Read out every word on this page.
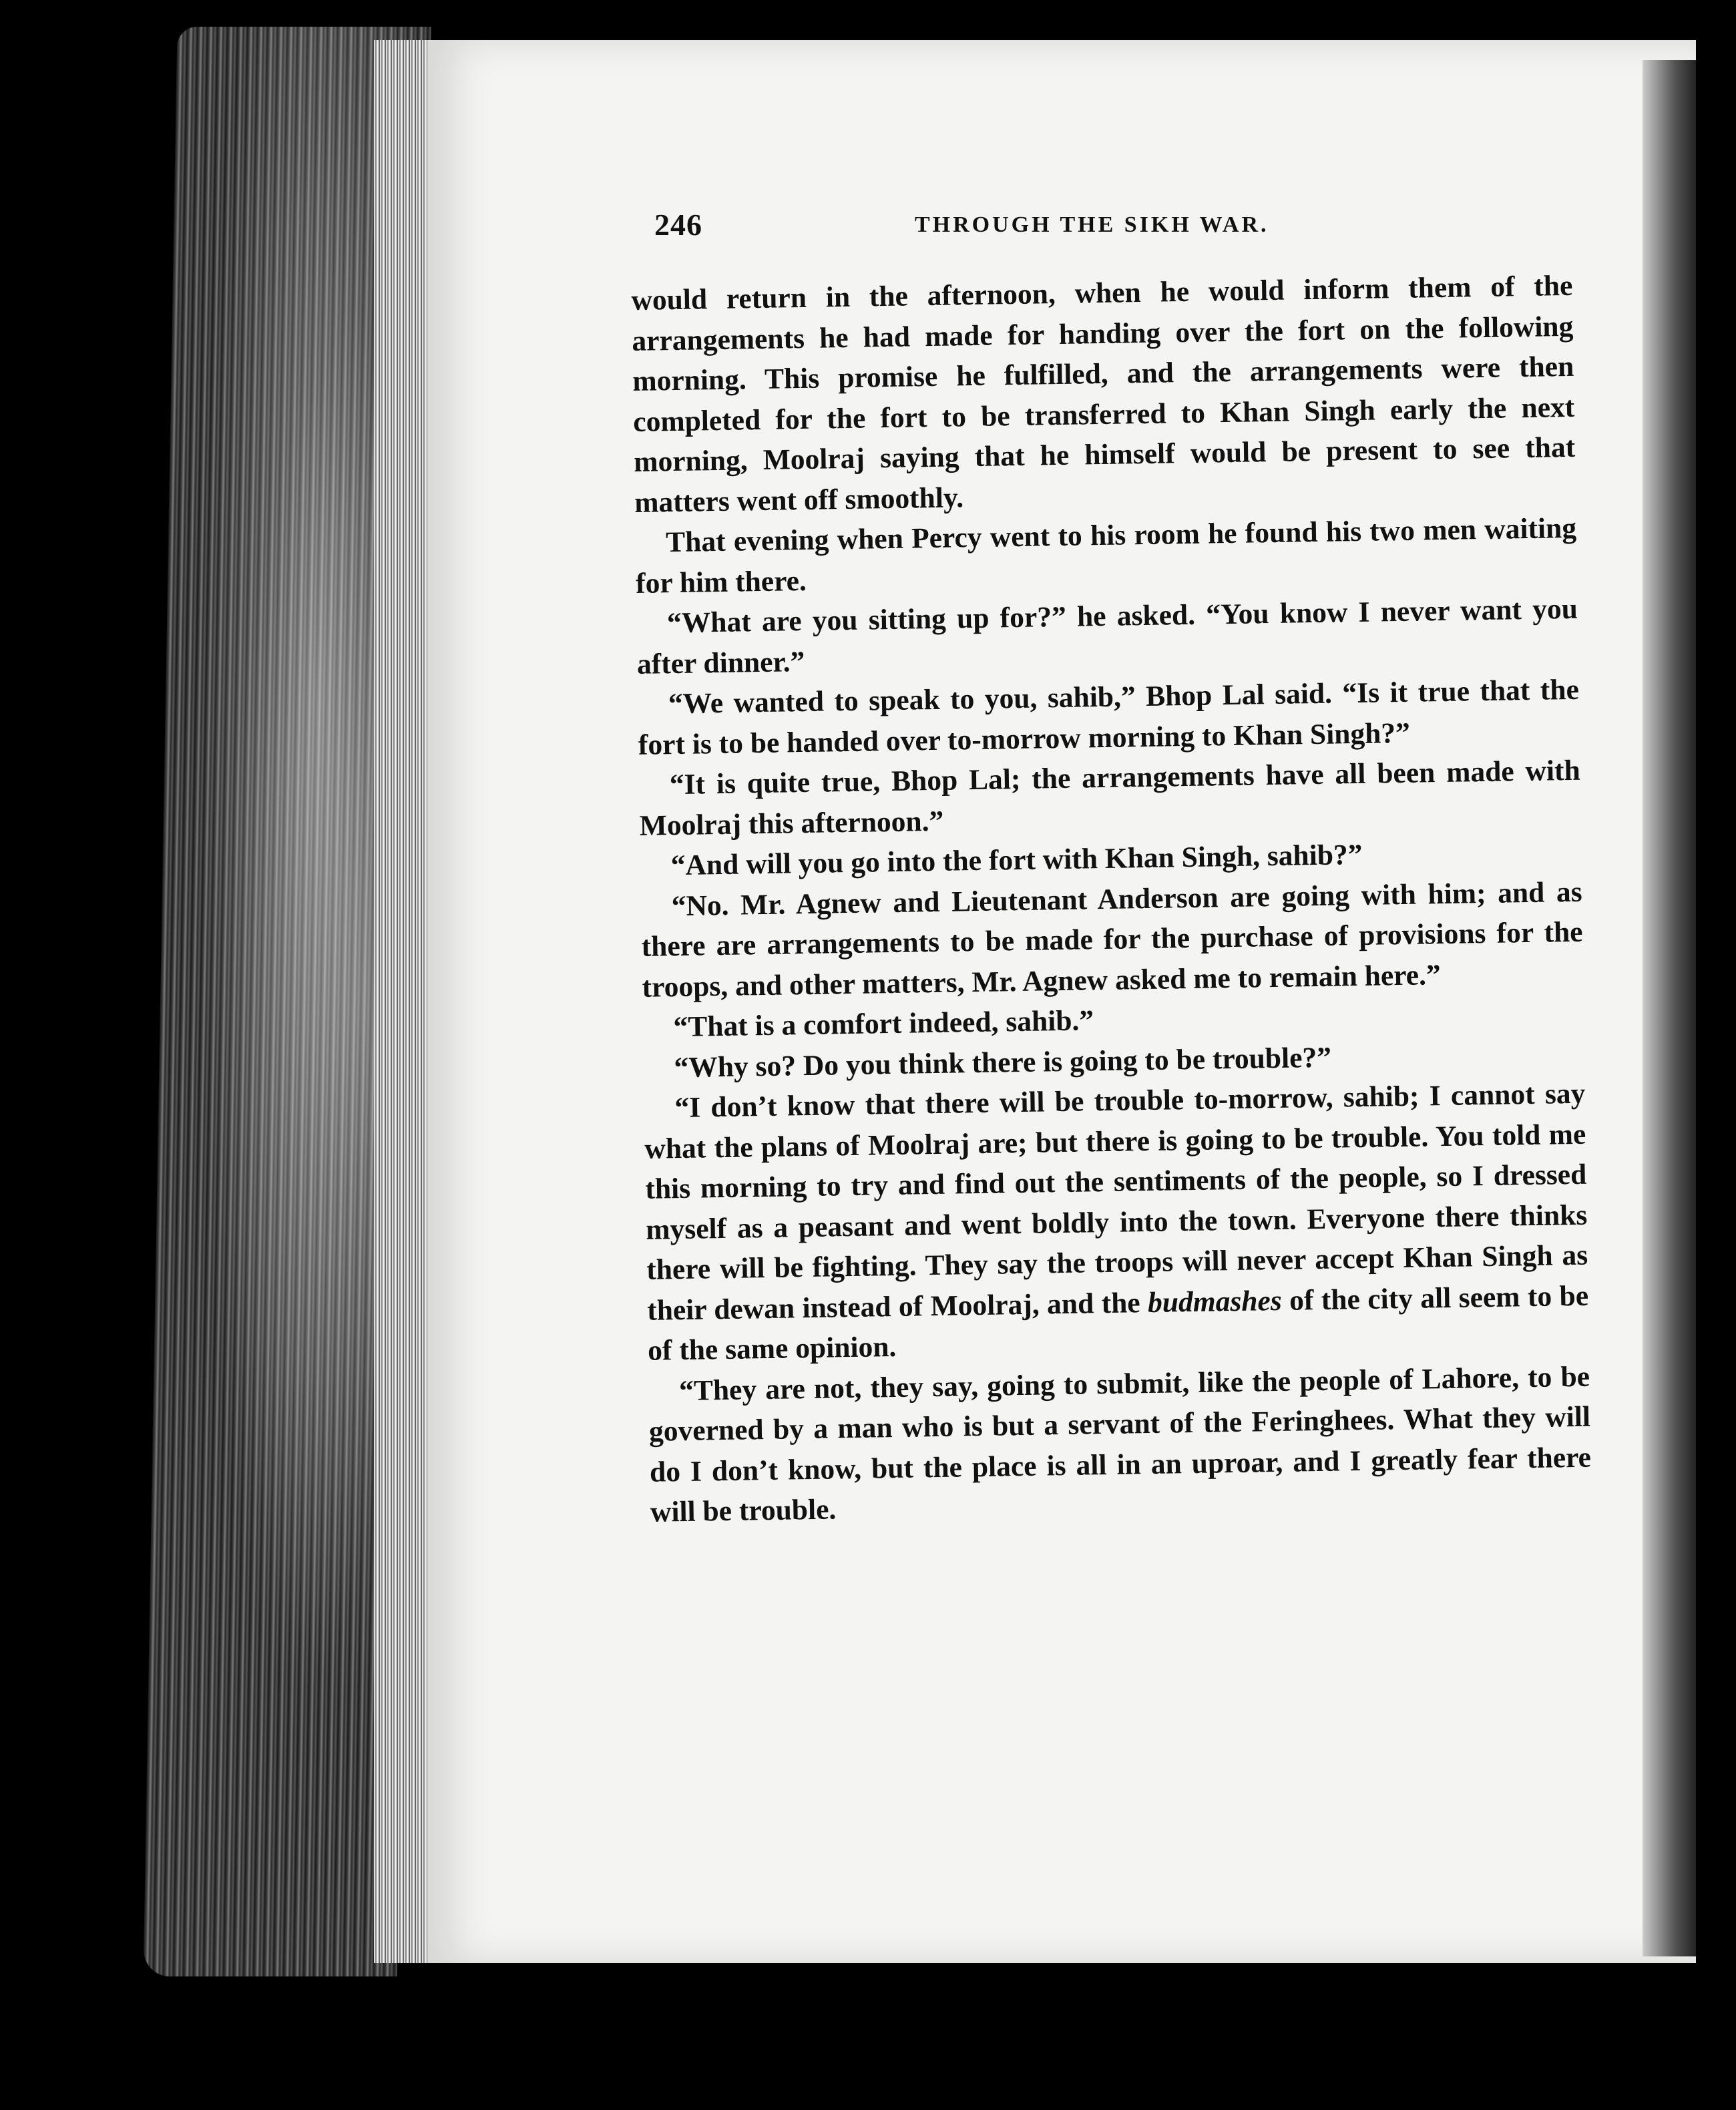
246	THROUGH THE SIKH WAR.

would return in the afternoon, when he would inform them of the arrangements he had made for handing over the fort on the following morning. This promise he fulfilled, and the arrangements were then completed for the fort to be transferred to Khan Singh early the next morning, Moolraj saying that he himself would be present to see that matters went off smoothly.

That evening when Percy went to his room he found his two men waiting for him there.

“What are you sitting up for?” he asked. “You know I never want you after dinner.”

“We wanted to speak to you, sahib,” Bhop Lal said. “Is it true that the fort is to be handed over to-morrow morning to Khan Singh?”

“It is quite true, Bhop Lal; the arrangements have all been made with Moolraj this afternoon.”

“And will you go into the fort with Khan Singh, sahib?”

“No. Mr. Agnew and Lieutenant Anderson are going with him; and as there are arrangements to be made for the purchase of provisions for the troops, and other matters, Mr. Agnew asked me to remain here.”

“That is a comfort indeed, sahib.”

“Why so? Do you think there is going to be trouble?”

“I don’t know that there will be trouble to-morrow, sahib; I cannot say what the plans of Moolraj are; but there is going to be trouble. You told me this morning to try and find out the sentiments of the people, so I dressed myself as a peasant and went boldly into the town. Everyone there thinks there will be fighting. They say the troops will never accept Khan Singh as their dewan instead of Moolraj, and the budmashes of the city all seem to be of the same opinion.

“They are not, they say, going to submit, like the people of Lahore, to be governed by a man who is but a servant of the Feringhees. What they will do I don’t know, but the place is all in an uproar, and I greatly fear there will be trouble.
